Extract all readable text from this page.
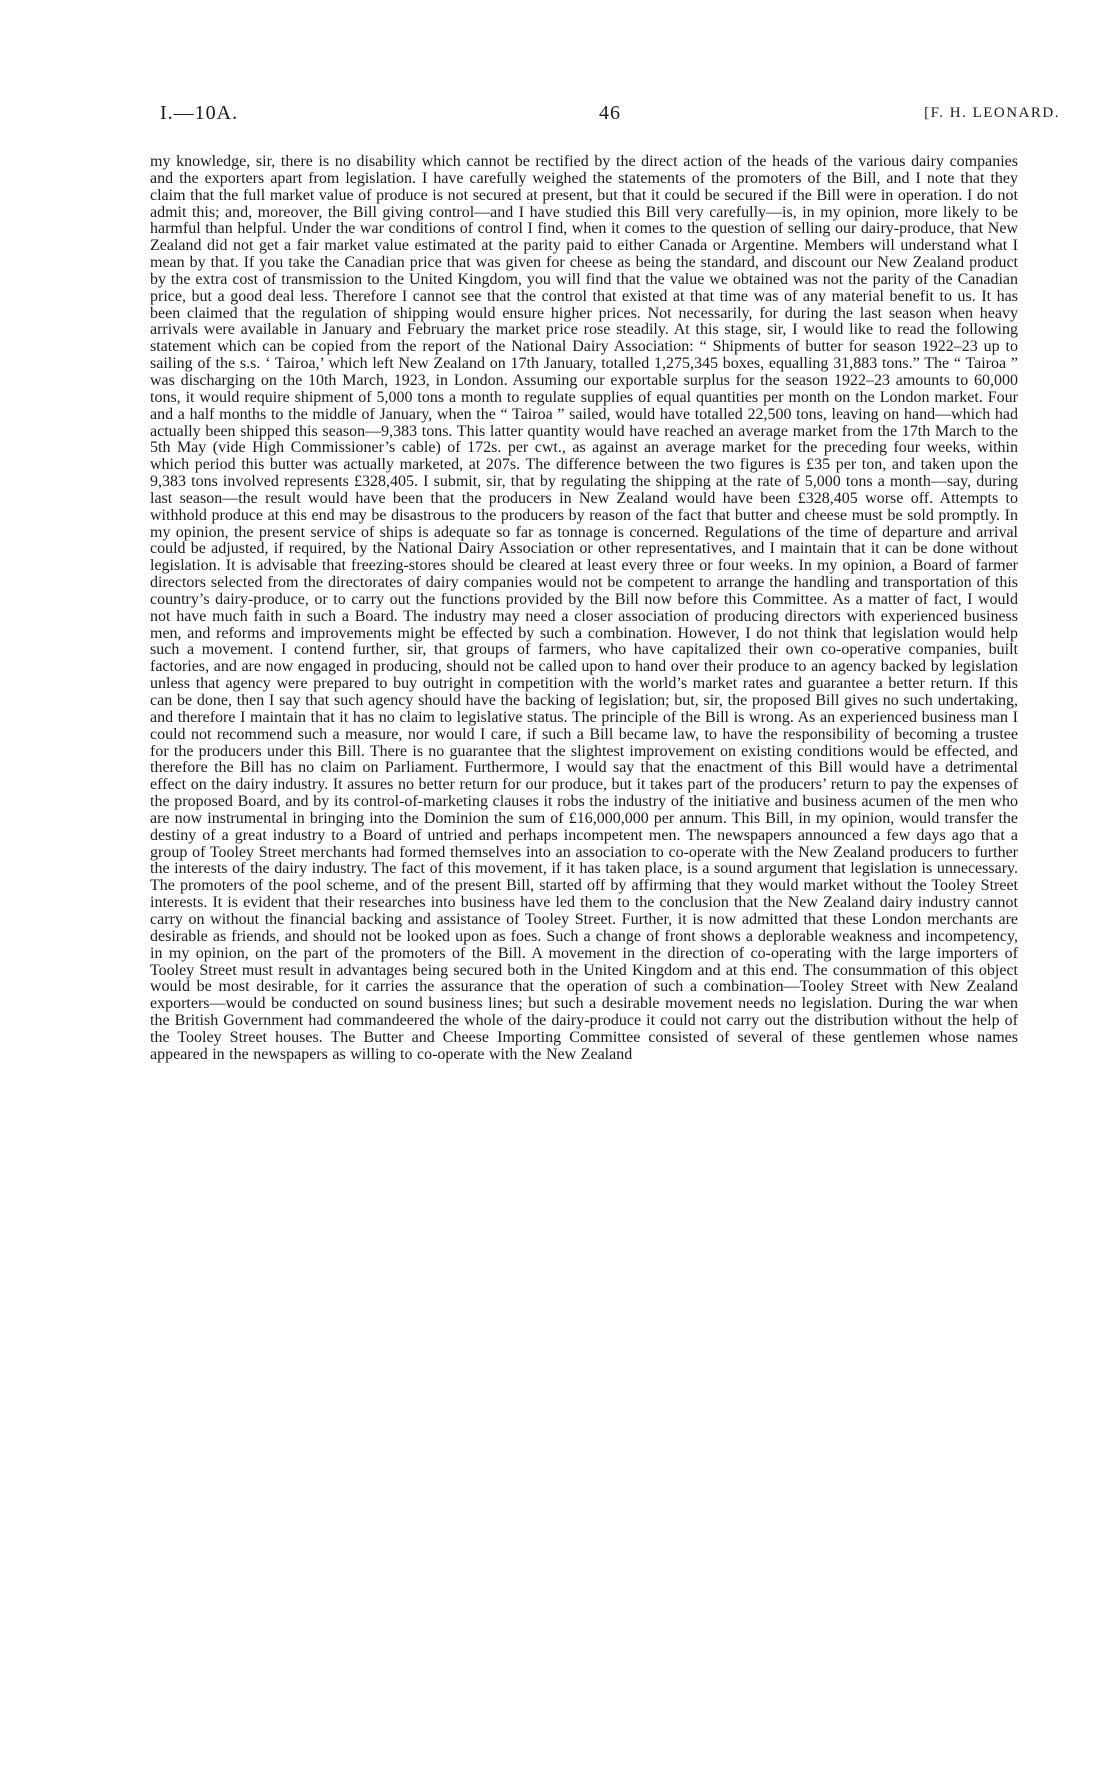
I.—10A.	46	[F. H. LEONARD.

my knowledge, sir, there is no disability which cannot be rectified by the direct action of the heads of the various dairy companies and the exporters apart from legislation. I have carefully weighed the statements of the promoters of the Bill, and I note that they claim that the full market value of produce is not secured at present, but that it could be secured if the Bill were in operation. I do not admit this; and, moreover, the Bill giving control—and I have studied this Bill very carefully—is, in my opinion, more likely to be harmful than helpful. Under the war conditions of control I find, when it comes to the question of selling our dairy-produce, that New Zealand did not get a fair market value estimated at the parity paid to either Canada or Argentine. Members will understand what I mean by that. If you take the Canadian price that was given for cheese as being the standard, and discount our New Zealand product by the extra cost of transmission to the United Kingdom, you will find that the value we obtained was not the parity of the Canadian price, but a good deal less. Therefore I cannot see that the control that existed at that time was of any material benefit to us. It has been claimed that the regulation of shipping would ensure higher prices. Not necessarily, for during the last season when heavy arrivals were available in January and February the market price rose steadily. At this stage, sir, I would like to read the following statement which can be copied from the report of the National Dairy Association: “ Shipments of butter for season 1922–23 up to sailing of the s.s. ‘ Tairoa,’ which left New Zealand on 17th January, totalled 1,275,345 boxes, equalling 31,883 tons.” The “ Tairoa ” was discharging on the 10th March, 1923, in London. Assuming our exportable surplus for the season 1922–23 amounts to 60,000 tons, it would require shipment of 5,000 tons a month to regulate supplies of equal quantities per month on the London market. Four and a half months to the middle of January, when the “ Tairoa ” sailed, would have totalled 22,500 tons, leaving on hand—which had actually been shipped this season—9,383 tons. This latter quantity would have reached an average market from the 17th March to the 5th May (vide High Commissioner’s cable) of 172s. per cwt., as against an average market for the preceding four weeks, within which period this butter was actually marketed, at 207s. The difference between the two figures is £35 per ton, and taken upon the 9,383 tons involved represents £328,405. I submit, sir, that by regulating the shipping at the rate of 5,000 tons a month—say, during last season—the result would have been that the producers in New Zealand would have been £328,405 worse off. Attempts to withhold produce at this end may be disastrous to the producers by reason of the fact that butter and cheese must be sold promptly. In my opinion, the present service of ships is adequate so far as tonnage is concerned. Regulations of the time of departure and arrival could be adjusted, if required, by the National Dairy Association or other representatives, and I maintain that it can be done without legislation. It is advisable that freezing-stores should be cleared at least every three or four weeks. In my opinion, a Board of farmer directors selected from the directorates of dairy companies would not be competent to arrange the handling and transportation of this country’s dairy-produce, or to carry out the functions provided by the Bill now before this Committee. As a matter of fact, I would not have much faith in such a Board. The industry may need a closer association of producing directors with experienced business men, and reforms and improvements might be effected by such a combination. However, I do not think that legislation would help such a movement. I contend further, sir, that groups of farmers, who have capitalized their own co-operative companies, built factories, and are now engaged in producing, should not be called upon to hand over their produce to an agency backed by legislation unless that agency were prepared to buy outright in competition with the world’s market rates and guarantee a better return. If this can be done, then I say that such agency should have the backing of legislation; but, sir, the proposed Bill gives no such undertaking, and therefore I maintain that it has no claim to legislative status. The principle of the Bill is wrong. As an experienced business man I could not recommend such a measure, nor would I care, if such a Bill became law, to have the responsibility of becoming a trustee for the producers under this Bill. There is no guarantee that the slightest improvement on existing conditions would be effected, and therefore the Bill has no claim on Parliament. Furthermore, I would say that the enactment of this Bill would have a detrimental effect on the dairy industry. It assures no better return for our produce, but it takes part of the producers’ return to pay the expenses of the proposed Board, and by its control-of-marketing clauses it robs the industry of the initiative and business acumen of the men who are now instrumental in bringing into the Dominion the sum of £16,000,000 per annum. This Bill, in my opinion, would transfer the destiny of a great industry to a Board of untried and perhaps incompetent men. The newspapers announced a few days ago that a group of Tooley Street merchants had formed themselves into an association to co-operate with the New Zealand producers to further the interests of the dairy industry. The fact of this movement, if it has taken place, is a sound argument that legislation is unnecessary. The promoters of the pool scheme, and of the present Bill, started off by affirming that they would market without the Tooley Street interests. It is evident that their researches into business have led them to the conclusion that the New Zealand dairy industry cannot carry on without the financial backing and assistance of Tooley Street. Further, it is now admitted that these London merchants are desirable as friends, and should not be looked upon as foes. Such a change of front shows a deplorable weakness and incompetency, in my opinion, on the part of the promoters of the Bill. A movement in the direction of co-operating with the large importers of Tooley Street must result in advantages being secured both in the United Kingdom and at this end. The consummation of this object would be most desirable, for it carries the assurance that the operation of such a combination—Tooley Street with New Zealand exporters—would be conducted on sound business lines; but such a desirable movement needs no legislation. During the war when the British Government had commandeered the whole of the dairy-produce it could not carry out the distribution without the help of the Tooley Street houses. The Butter and Cheese Importing Committee consisted of several of these gentlemen whose names appeared in the newspapers as willing to co-operate with the New Zealand
